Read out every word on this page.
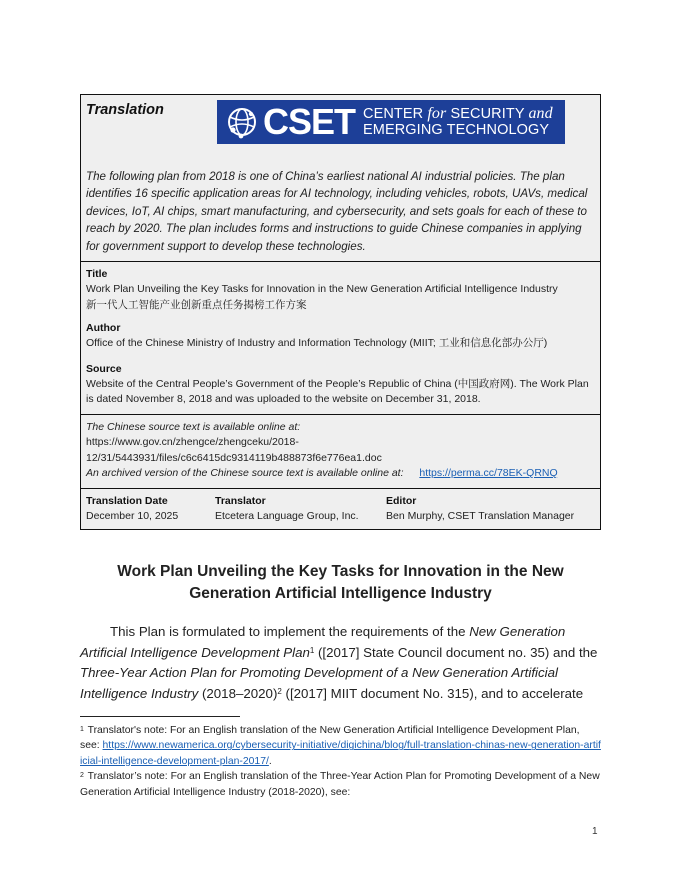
Translation	CSET CENTER for SECURITY and
EMERGING TECHNOLOGY

The following plan from 2018 is one of China’s earliest national AI industrial policies. The plan identifies 16 specific application areas for AI technology, including vehicles, robots, UAVs, medical devices, IoT, AI chips, smart manufacturing, and cybersecurity, and sets goals for each of these to reach by 2020. The plan includes forms and instructions to guide Chinese companies in applying for government support to develop these technologies.

Title
Work Plan Unveiling the Key Tasks for Innovation in the New Generation Artificial Intelligence Industry
新一代人工智能产业创新重点任务揭榜工作方案
Author
Office of the Chinese Ministry of Industry and Information Technology (MIIT; 工业和信息化部办公厅)
Source
Website of the Central People’s Government of the People’s Republic of China (中国政府网). The Work Plan is dated November 8, 2018 and was uploaded to the website on December 31, 2018.
The Chinese source text is available online at:
https://www.gov.cn/zhengce/zhengceku/2018-
12/31/5443931/files/c6c6415dc9314119b488873f6e776ea1.doc
An archived version of the Chinese source text is available online at: https://perma.cc/78EK-QRNQ
Translation Date
December 10, 2025
Translator
Etcetera Language Group, Inc.
Editor
Ben Murphy, CSET Translation Manager
Work Plan Unveiling the Key Tasks for Innovation in the New Generation Artificial Intelligence Industry

This Plan is formulated to implement the requirements of the New Generation Artificial Intelligence Development Plan$^1$ ([2017] State Council document no. 35) and the Three-Year Action Plan for Promoting Development of a New Generation Artificial Intelligence Industry (2018–2020)$^2$ ([2017] MIIT document No. 315), and to accelerate

$^1$ Translator's note: For an English translation of the New Generation Artificial Intelligence Development Plan, see: https://www.newamerica.org/cybersecurity-initiative/digichina/blog/full-translation-chinas-new-generation-artificial-intelligence-development-plan-2017/.
$^2$ Translator’s note: For an English translation of the Three-Year Action Plan for Promoting Development of a New Generation Artificial Intelligence Industry (2018-2020), see:
1
